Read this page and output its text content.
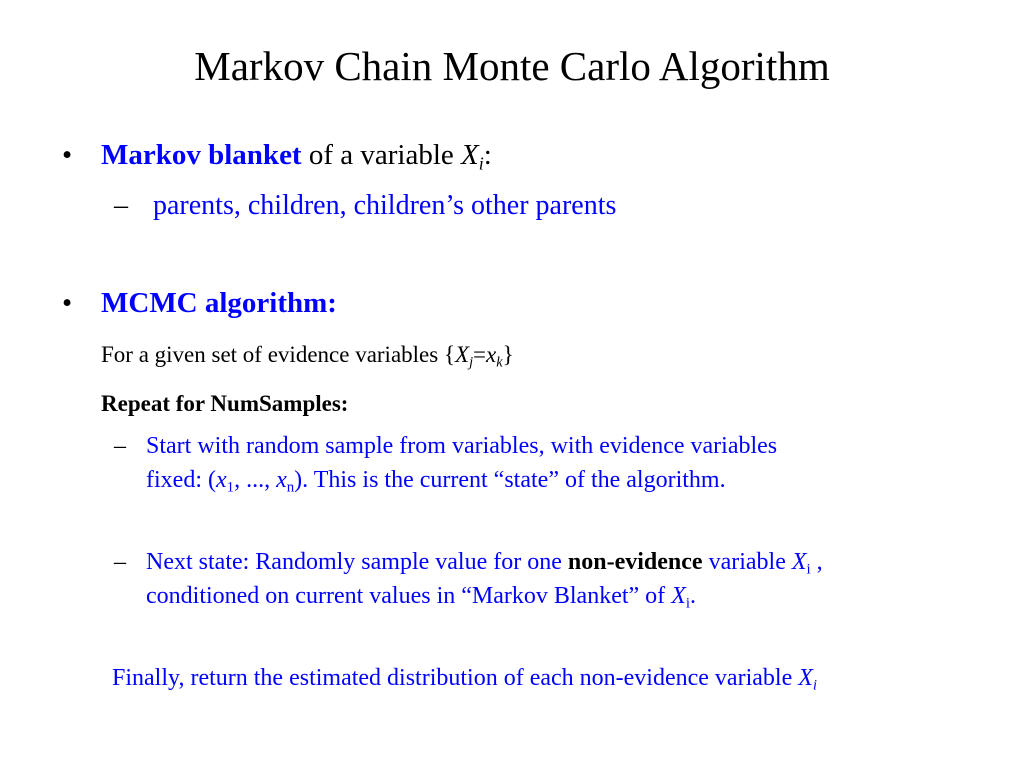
Markov Chain Monte Carlo Algorithm
• Markov blanket of a variable $X_i$:
– parents, children, children’s other parents
• MCMC algorithm:
For a given set of evidence variables $\{X_j=x_k\}$
Repeat for NumSamples:
– Start with random sample from variables, with evidence variables
fixed: ($x_1$, ..., $x_n$). This is the current “state” of the algorithm.
– Next state: Randomly sample value for one non-evidence variable $X_i$ ,
conditioned on current values in “Markov Blanket” of $X_i$.
Finally, return the estimated distribution of each non-evidence variable $X_i$
